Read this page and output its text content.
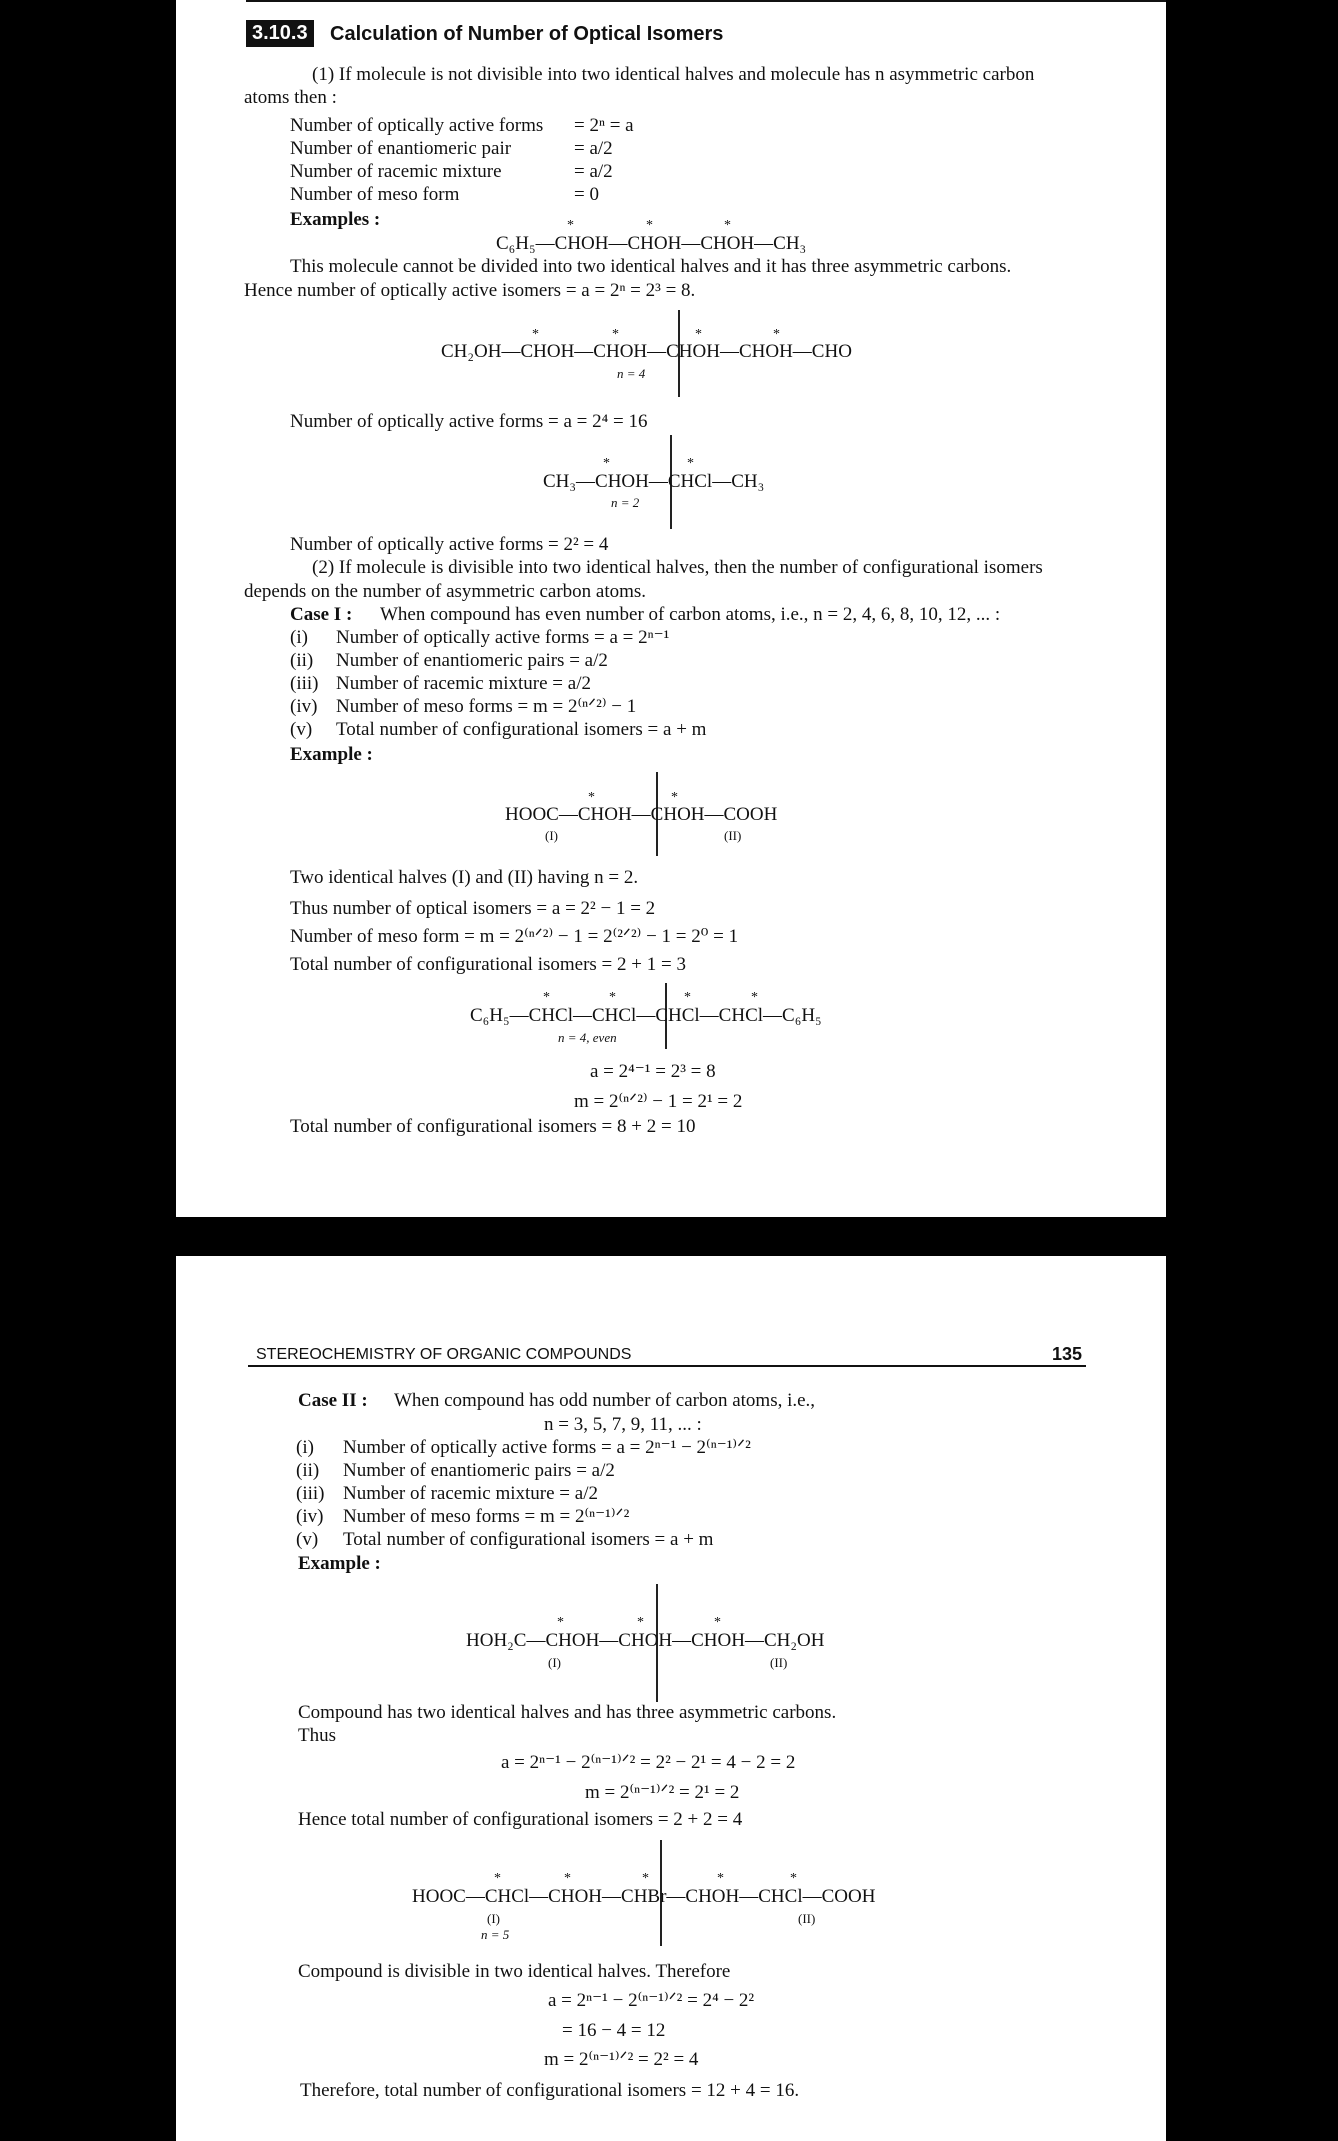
3.10.3	Calculation of Number of Optical Isomers
(1) If molecule is not divisible into two identical halves and molecule has n asymmetric carbon
atoms then :
Number of optically active forms = 2ⁿ = a
Number of enantiomeric pair	= a/2
Number of racemic mixture	= a/2
Number of meso form	= 0
Examples :	*	*	*
C₆H₅—CHOH—CHOH—CHOH—CH₃
This molecule cannot be divided into two identical halves and it has three asymmetric carbons.
Hence number of optically active isomers = a = 2ⁿ = 2³ = 8.
*	*	*	*
CH₂OH—CHOH—CHOH—CHOH—CHOH—CHO
n = 4
Number of optically active forms = a = 2⁴ = 16
*	*
CH₃—CHOH—CHCl—CH₃
n = 2
Number of optically active forms = 2² = 4
(2) If molecule is divisible into two identical halves, then the number of configurational isomers
depends on the number of asymmetric carbon atoms.
Case I : When compound has even number of carbon atoms, i.e., n = 2, 4, 6, 8, 10, 12, ... :
(i) Number of optically active forms = a = 2ⁿ⁻¹
(ii) Number of enantiomeric pairs = a/2
(iii) Number of racemic mixture = a/2
(iv) Number of meso forms = m = 2⁽ⁿᐟ²⁾ − 1
(v) Total number of configurational isomers = a + m
Example :
*	*
HOOC—CHOH—CHOH—COOH
(I)	(II)
Two identical halves (I) and (II) having n = 2.
Thus number of optical isomers = a = 2² − 1 = 2
Number of meso form = m = 2⁽ⁿᐟ²⁾ − 1 = 2⁽²ᐟ²⁾ − 1 = 2⁰ = 1
Total number of configurational isomers = 2 + 1 = 3
*	*	*	*
C₆H₅—CHCl—CHCl—CHCl—CHCl—C₆H₅
n = 4, even
a = 2⁴⁻¹ = 2³ = 8
m = 2⁽ⁿᐟ²⁾ − 1 = 2¹ = 2
Total number of configurational isomers = 8 + 2 = 10
STEREOCHEMISTRY OF ORGANIC COMPOUNDS	135
Case II : When compound has odd number of carbon atoms, i.e.,
n = 3, 5, 7, 9, 11, ... :
(i) Number of optically active forms = a = 2ⁿ⁻¹ − 2⁽ⁿ⁻¹⁾ᐟ²
(ii) Number of enantiomeric pairs = a/2
(iii) Number of racemic mixture = a/2
(iv) Number of meso forms = m = 2⁽ⁿ⁻¹⁾ᐟ²
(v) Total number of configurational isomers = a + m
Example :
*	*	*
HOH₂C—CHOH—CHOH—CHOH—CH₂OH
(I)	(II)
Compound has two identical halves and has three asymmetric carbons.
Thus
a = 2ⁿ⁻¹ − 2⁽ⁿ⁻¹⁾ᐟ² = 2² − 2¹ = 4 − 2 = 2
m = 2⁽ⁿ⁻¹⁾ᐟ² = 2¹ = 2
Hence total number of configurational isomers = 2 + 2 = 4
*	*	*	*	*
HOOC—CHCl—CHOH—CHBr—CHOH—CHCl—COOH
(I)
n = 5
(II)
Compound is divisible in two identical halves. Therefore
a = 2ⁿ⁻¹ − 2⁽ⁿ⁻¹⁾ᐟ² = 2⁴ − 2²
= 16 − 4 = 12
m = 2⁽ⁿ⁻¹⁾ᐟ² = 2² = 4
Therefore, total number of configurational isomers = 12 + 4 = 16.
